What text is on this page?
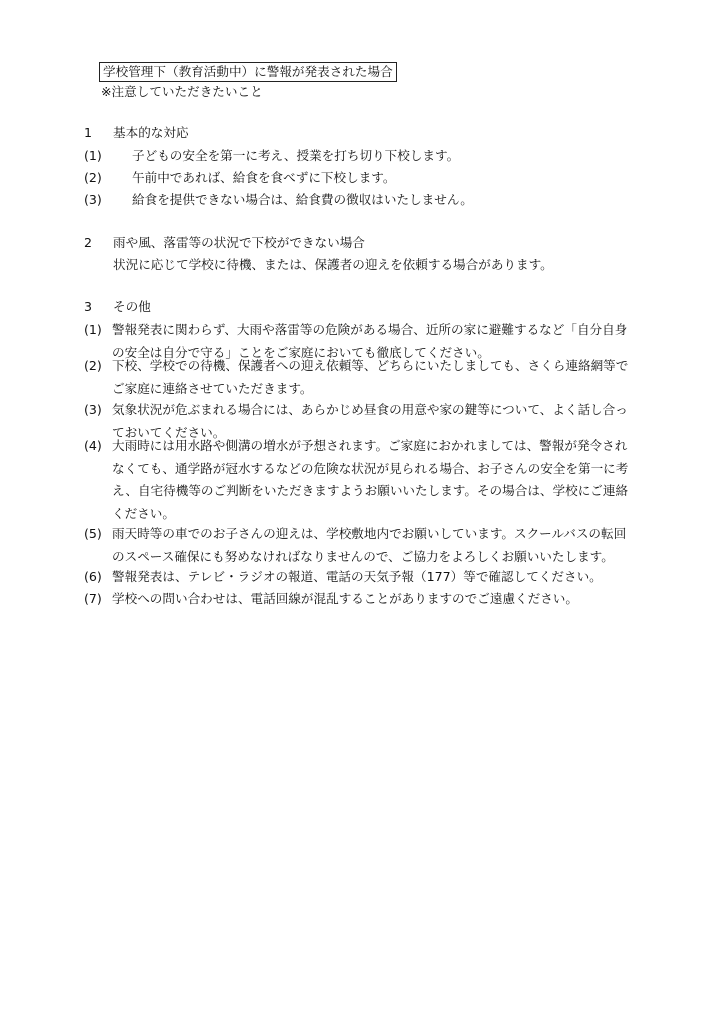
学校管理下（教育活動中）に警報が発表された場合
※注意していただきたいこと
1 基本的な対応
(1) 子どもの安全を第一に考え、授業を打ち切り下校します。
(2) 午前中であれば、給食を食べずに下校します。
(3) 給食を提供できない場合は、給食費の徴収はいたしません。
2 雨や風、落雷等の状況で下校ができない場合
状況に応じて学校に待機、または、保護者の迎えを依頼する場合があります。
3 その他
(1) 警報発表に関わらず、大雨や落雷等の危険がある場合、近所の家に避難するなど「自分自身
の安全は自分で守る」ことをご家庭においても徹底してください。
(2) 下校、学校での待機、保護者への迎え依頼等、どちらにいたしましても、さくら連絡網等で
ご家庭に連絡させていただきます。
(3) 気象状況が危ぶまれる場合には、あらかじめ昼食の用意や家の鍵等について、よく話し合っ
ておいてください。
(4) 大雨時には用水路や側溝の増水が予想されます。ご家庭におかれましては、警報が発令され
なくても、通学路が冠水するなどの危険な状況が見られる場合、お子さんの安全を第一に考
え、自宅待機等のご判断をいただきますようお願いいたします。その場合は、学校にご連絡
ください。
(5) 雨天時等の車でのお子さんの迎えは、学校敷地内でお願いしています。スクールバスの転回
のスペース確保にも努めなければなりませんので、ご協力をよろしくお願いいたします。
(6) 警報発表は、テレビ・ラジオの報道、電話の天気予報（177）等で確認してください。
(7) 学校への問い合わせは、電話回線が混乱することがありますのでご遠慮ください。
